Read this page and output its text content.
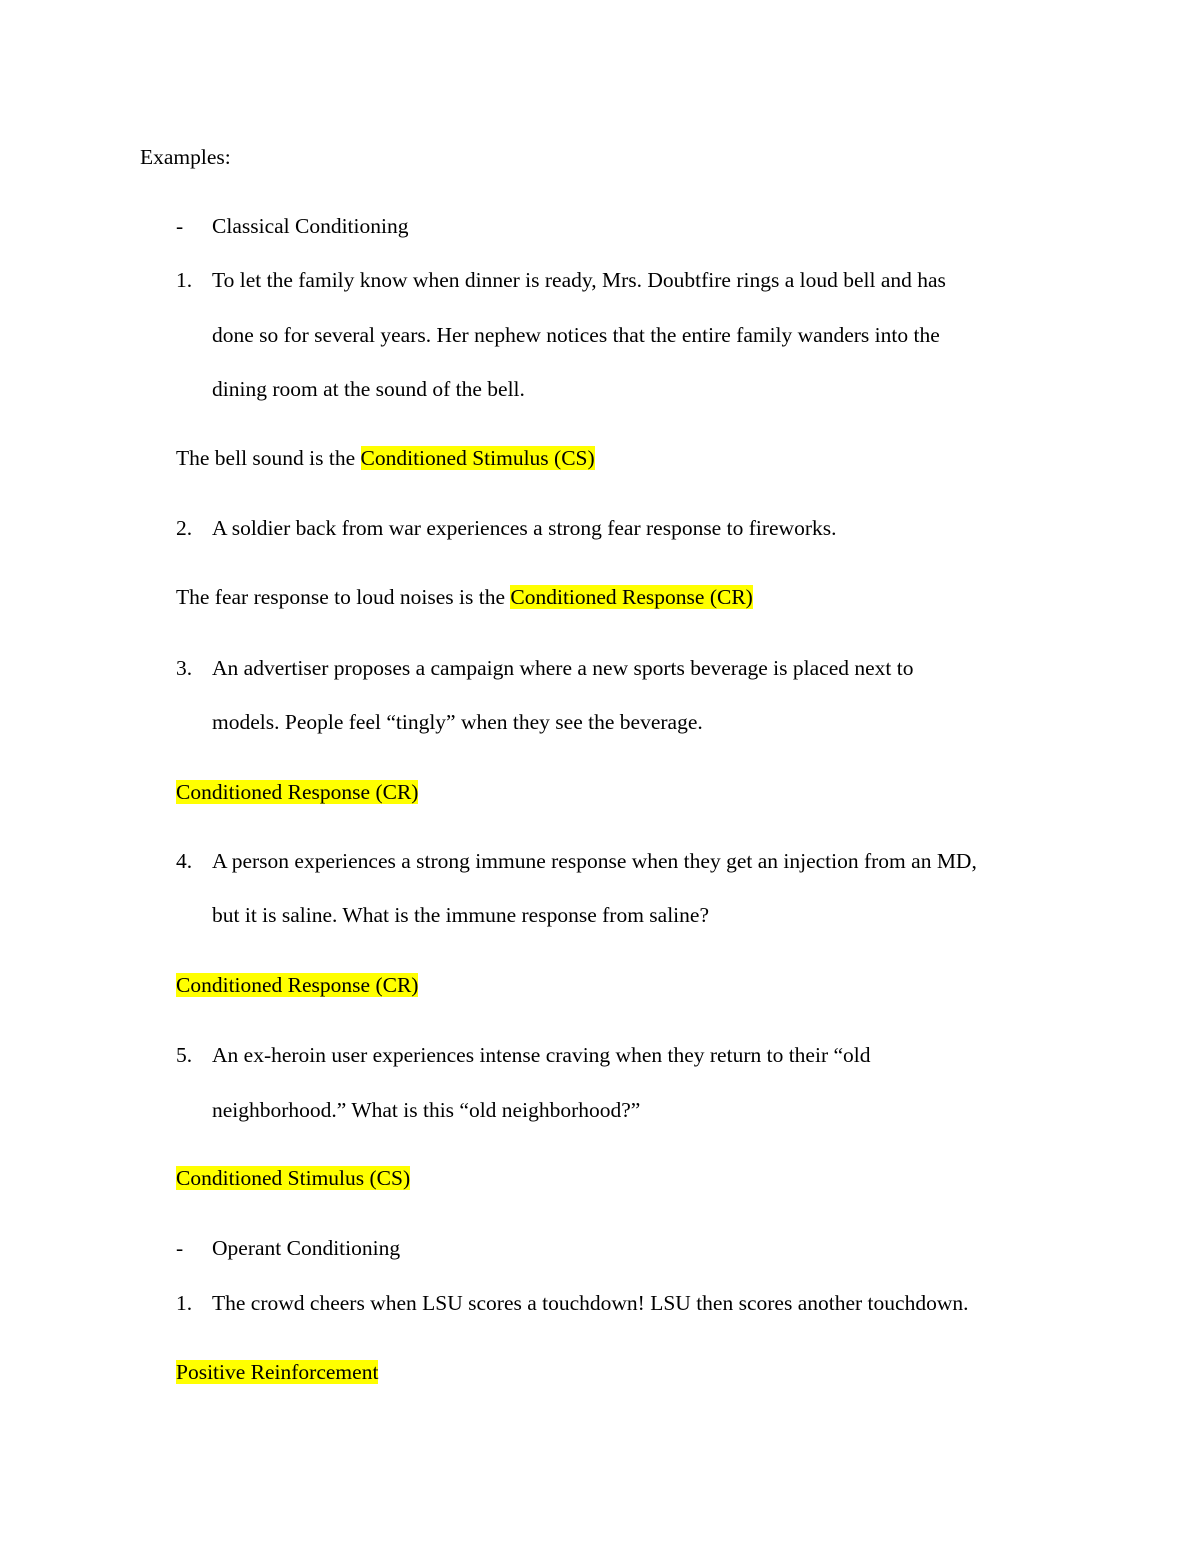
Examples:
- Classical Conditioning
1. To let the family know when dinner is ready, Mrs. Doubtfire rings a loud bell and has
done so for several years. Her nephew notices that the entire family wanders into the
dining room at the sound of the bell.
The bell sound is the Conditioned Stimulus (CS)
2. A soldier back from war experiences a strong fear response to fireworks.
The fear response to loud noises is the Conditioned Response (CR)
3. An advertiser proposes a campaign where a new sports beverage is placed next to
models. People feel “tingly” when they see the beverage.
Conditioned Response (CR)
4. A person experiences a strong immune response when they get an injection from an MD,
but it is saline. What is the immune response from saline?
Conditioned Response (CR)
5. An ex-heroin user experiences intense craving when they return to their “old
neighborhood.” What is this “old neighborhood?”
Conditioned Stimulus (CS)
- Operant Conditioning
1. The crowd cheers when LSU scores a touchdown! LSU then scores another touchdown.
Positive Reinforcement
